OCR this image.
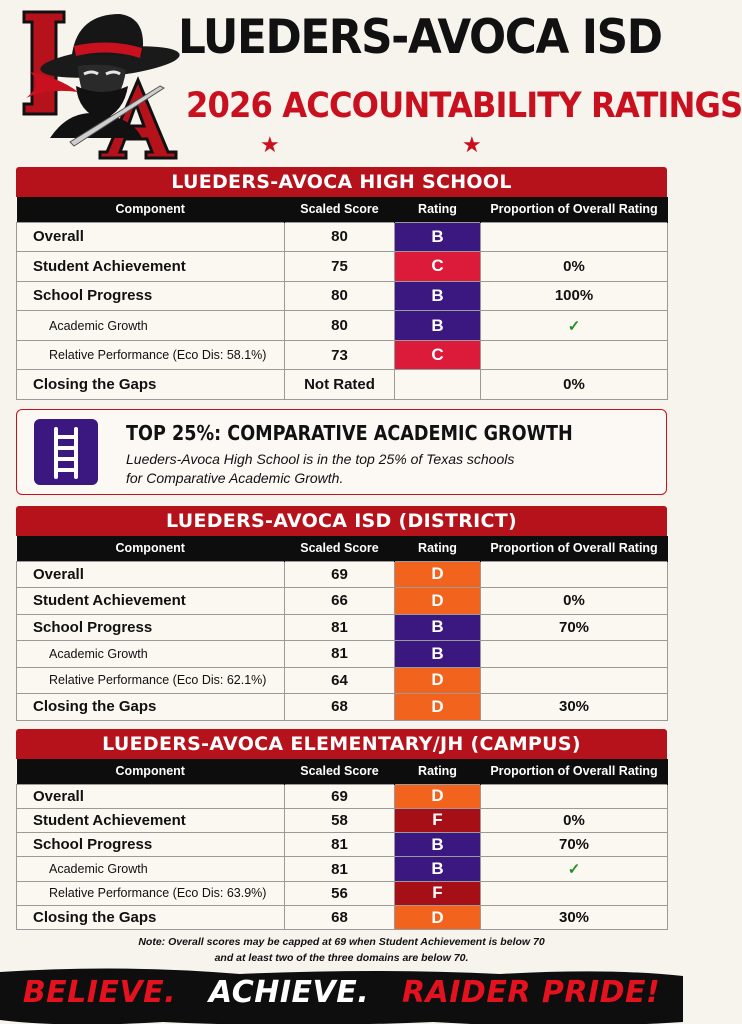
LUEDERS-AVOCA ISD
2026 ACCOUNTABILITY RATINGS
★	★
LUEDERS-AVOCA HIGH SCHOOL
Component	Scaled Score	Rating	Proportion of Overall Rating
Overall	80	B	
Student Achievement	75	C	0%
School Progress	80	B	100%
Academic Growth	80	B	✓
Relative Performance (Eco Dis: 58.1%)	73	C	
Closing the Gaps	Not Rated		0%
TOP 25%: COMPARATIVE ACADEMIC GROWTH
Lueders-Avoca High School is in the top 25% of Texas schools
for Comparative Academic Growth.
LUEDERS-AVOCA ISD (DISTRICT)
Component	Scaled Score	Rating	Proportion of Overall Rating
Overall	69	D	
Student Achievement	66	D	0%
School Progress	81	B	70%
Academic Growth	81	B	
Relative Performance (Eco Dis: 62.1%)	64	D	
Closing the Gaps	68	D	30%
LUEDERS-AVOCA ELEMENTARY/JH (CAMPUS)
Component	Scaled Score	Rating	Proportion of Overall Rating
Overall	69	D	
Student Achievement	58	F	0%
School Progress	81	B	70%
Academic Growth	81	B	✓
Relative Performance (Eco Dis: 63.9%)	56	F	
Closing the Gaps	68	D	30%
Note: Overall scores may be capped at 69 when Student Achievement is below 70
and at least two of the three domains are below 70.
BELIEVE. ACHIEVE. RAIDER PRIDE!
